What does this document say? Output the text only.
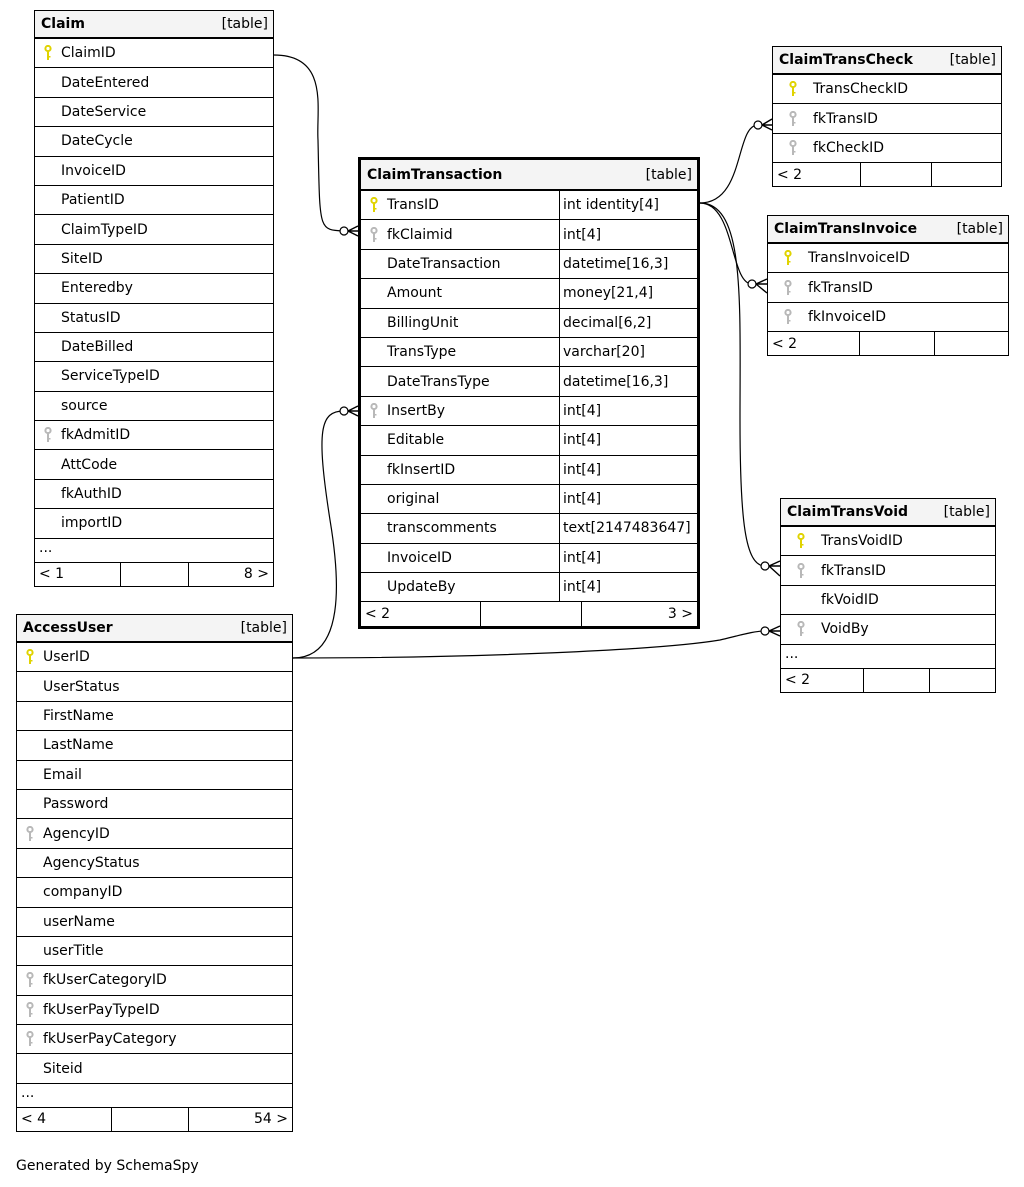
Claim	[table]
ClaimID
DateEntered
DateService
DateCycle
InvoiceID
PatientID
ClaimTypeID
SiteID
Enteredby
StatusID
DateBilled
ServiceTypeID
source
fkAdmitID
AttCode
fkAuthID
importID
...
< 1	8 >
AccessUser	[table]
UserID
UserStatus
FirstName
LastName
Email
Password
AgencyID
AgencyStatus
companyID
userName
userTitle
fkUserCategoryID
fkUserPayTypeID
fkUserPayCategory
Siteid
...
< 4	54 >
ClaimTransaction	[table]
TransID	int identity[4]
fkClaimid	int[4]
DateTransaction	datetime[16,3]
Amount	money[21,4]
BillingUnit	decimal[6,2]
TransType	varchar[20]
DateTransType	datetime[16,3]
InsertBy	int[4]
Editable	int[4]
fkInsertID	int[4]
original	int[4]
transcomments	text[2147483647]
InvoiceID	int[4]
UpdateBy	int[4]
< 2	3 >
ClaimTransCheck	[table]
TransCheckID
fkTransID
fkCheckID
< 2
ClaimTransInvoice	[table]
TransInvoiceID
fkTransID
fkInvoiceID
< 2
ClaimTransVoid	[table]
TransVoidID
fkTransID
fkVoidID
VoidBy
...
< 2
Generated by SchemaSpy
